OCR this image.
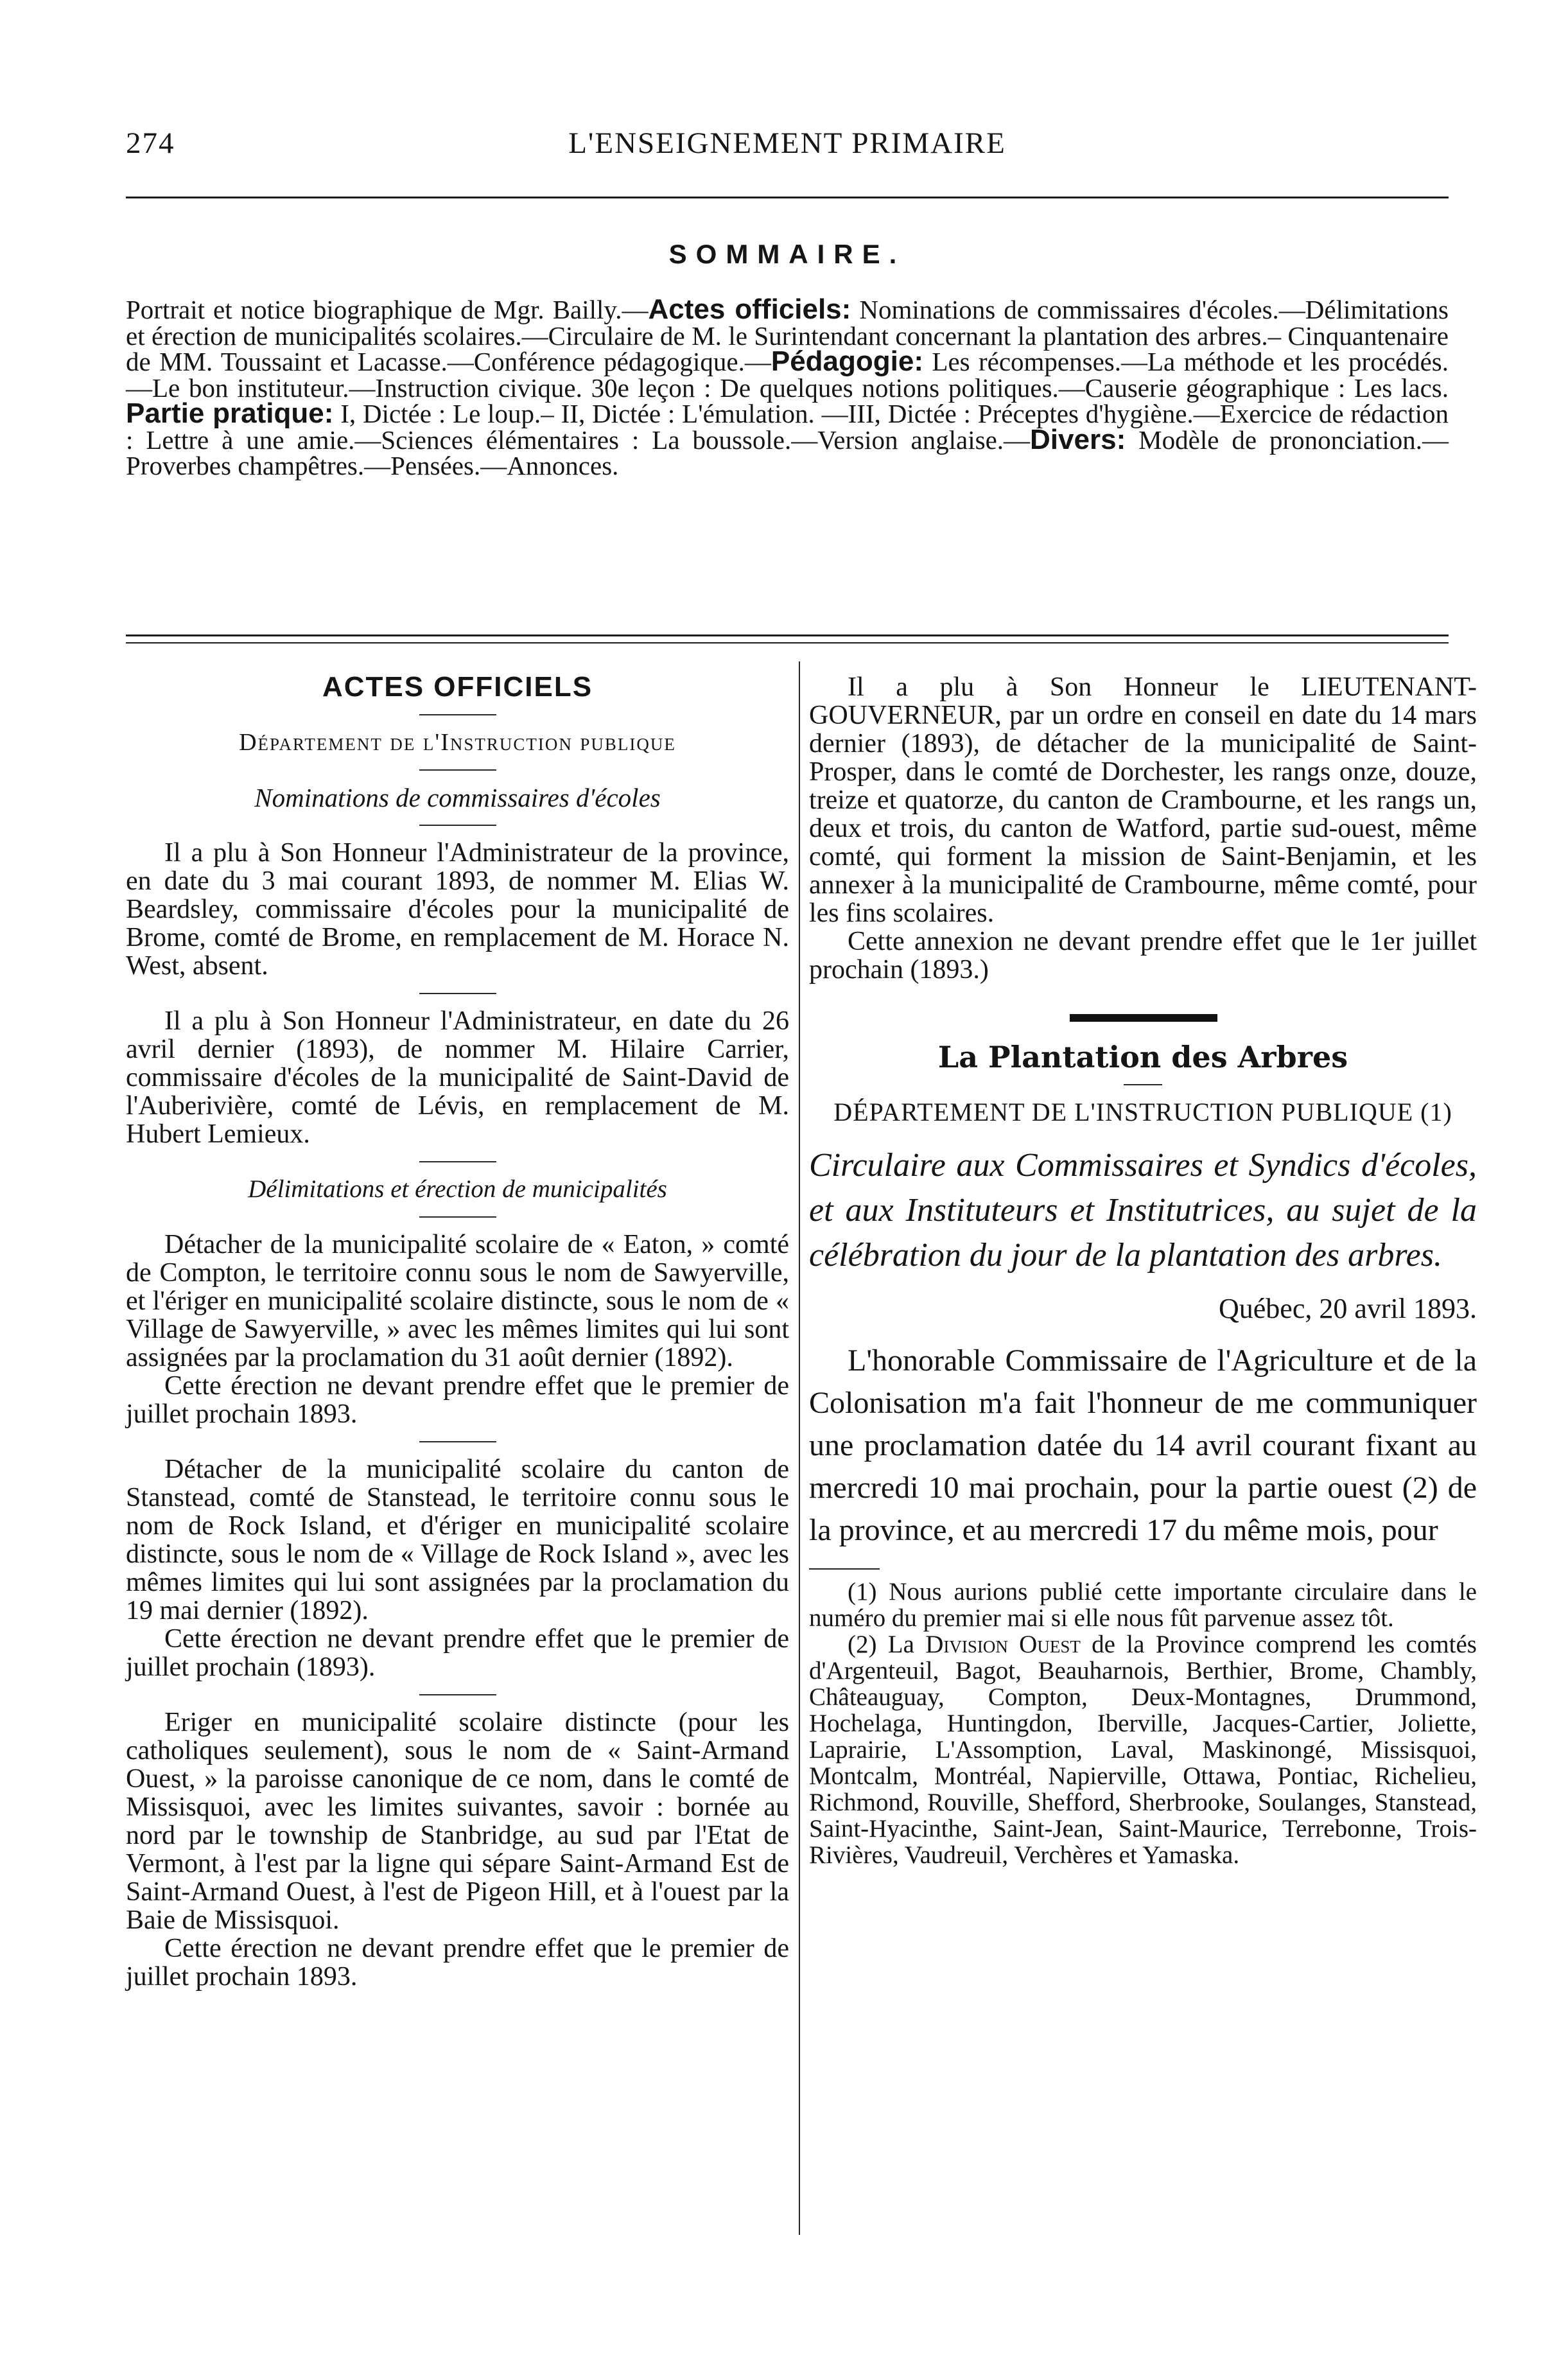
274	L'ENSEIGNEMENT PRIMAIRE
SOMMAIRE.
Portrait et notice biographique de Mgr. Bailly.—Actes officiels: Nominations de commissaires d'écoles.—Délimitations et érection de municipalités scolaires.—Circulaire de M. le Surintendant concernant la plantation des arbres.– Cinquantenaire de MM. Toussaint et Lacasse.—Conférence pédagogique.—Pédagogie: Les récompenses.—La méthode et les procédés.—Le bon instituteur.—Instruction civique. 30e leçon : De quelques notions politiques.—Causerie géographique : Les lacs. Partie pratique: I, Dictée : Le loup.– II, Dictée : L'émulation. —III, Dictée : Préceptes d'hygiène.—Exercice de rédaction : Lettre à une amie.—Sciences élémentaires : La boussole.—Version anglaise.—Divers: Modèle de prononciation.—Proverbes champêtres.—Pensées.—Annonces.
ACTES OFFICIELS
Département de l'Instruction publique
Nominations de commissaires d'écoles

Il a plu à Son Honneur l'Administrateur de la province, en date du 3 mai courant 1893, de nommer M. Elias W. Beardsley, commissaire d'écoles pour la municipalité de Brome, comté de Brome, en remplacement de M. Horace N. West, absent.

Il a plu à Son Honneur l'Administrateur, en date du 26 avril dernier (1893), de nommer M. Hilaire Carrier, commissaire d'écoles de la municipalité de Saint-David de l'Auberivière, comté de Lévis, en remplacement de M. Hubert Lemieux.

Délimitations et érection de municipalités

Détacher de la municipalité scolaire de « Eaton, » comté de Compton, le territoire connu sous le nom de Sawyerville, et l'ériger en municipalité scolaire distincte, sous le nom de « Village de Sawyerville, » avec les mêmes limites qui lui sont assignées par la proclamation du 31 août dernier (1892).

Cette érection ne devant prendre effet que le premier de juillet prochain 1893.

Détacher de la municipalité scolaire du canton de Stanstead, comté de Stanstead, le territoire connu sous le nom de Rock Island, et d'ériger en municipalité scolaire distincte, sous le nom de « Village de Rock Island », avec les mêmes limites qui lui sont assignées par la proclamation du 19 mai dernier (1892).

Cette érection ne devant prendre effet que le premier de juillet prochain (1893).

Eriger en municipalité scolaire distincte (pour les catholiques seulement), sous le nom de « Saint-Armand Ouest, » la paroisse canonique de ce nom, dans le comté de Missisquoi, avec les limites suivantes, savoir : bornée au nord par le township de Stanbridge, au sud par l'Etat de Vermont, à l'est par la ligne qui sépare Saint-Armand Est de Saint-Armand Ouest, à l'est de Pigeon Hill, et à l'ouest par la Baie de Missisquoi.

Cette érection ne devant prendre effet que le premier de juillet prochain 1893.

Il a plu à Son Honneur le LIEUTENANT-GOUVERNEUR, par un ordre en conseil en date du 14 mars dernier (1893), de détacher de la municipalité de Saint-Prosper, dans le comté de Dorchester, les rangs onze, douze, treize et quatorze, du canton de Crambourne, et les rangs un, deux et trois, du canton de Watford, partie sud-ouest, même comté, qui forment la mission de Saint-Benjamin, et les annexer à la municipalité de Crambourne, même comté, pour les fins scolaires.

Cette annexion ne devant prendre effet que le 1er juillet prochain (1893.)

▬▬▬▬▬▬
La Plantation des Arbres
DÉPARTEMENT DE L'INSTRUCTION PUBLIQUE (1)

Circulaire aux Commissaires et Syndics d'écoles, et aux Instituteurs et Institutrices, au sujet de la célébration du jour de la plantation des arbres.

Québec, 20 avril 1893.

L'honorable Commissaire de l'Agriculture et de la Colonisation m'a fait l'honneur de me communiquer une proclamation datée du 14 avril courant fixant au mercredi 10 mai prochain, pour la partie ouest (2) de la province, et au mercredi 17 du même mois, pour

(1) Nous aurions publié cette importante circulaire dans le numéro du premier mai si elle nous fût parvenue assez tôt.

(2) La Division Ouest de la Province comprend les comtés d'Argenteuil, Bagot, Beauharnois, Berthier, Brome, Chambly, Châteauguay, Compton, Deux-Montagnes, Drummond, Hochelaga, Huntingdon, Iberville, Jacques-Cartier, Joliette, Laprairie, L'Assomption, Laval, Maskinongé, Missisquoi, Montcalm, Montréal, Napierville, Ottawa, Pontiac, Richelieu, Richmond, Rouville, Shefford, Sherbrooke, Soulanges, Stanstead, Saint-Hyacinthe, Saint-Jean, Saint-Maurice, Terrebonne, Trois-Rivières, Vaudreuil, Verchères et Yamaska.
